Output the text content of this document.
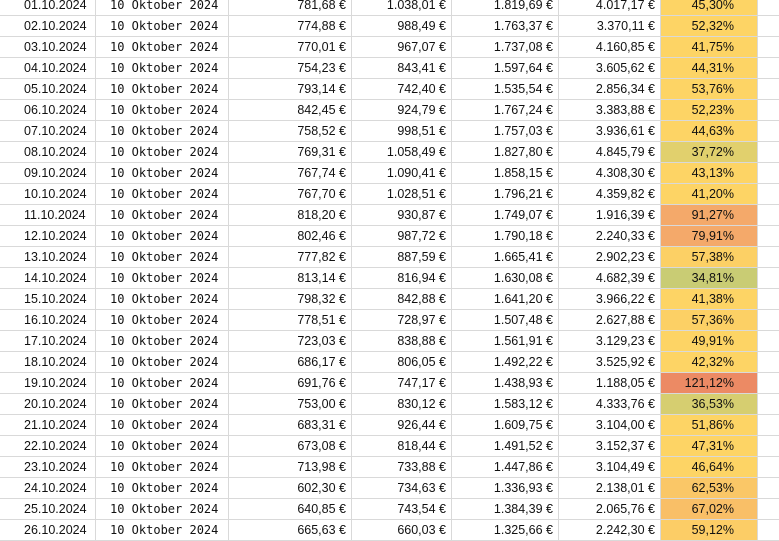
01.10.2024	10 Oktober 2024	781,68 €	1.038,01 €	1.819,69 €	4.017,17 €	45,30%
02.10.2024	10 Oktober 2024	774,88 €	988,49 €	1.763,37 €	3.370,11 €	52,32%
03.10.2024	10 Oktober 2024	770,01 €	967,07 €	1.737,08 €	4.160,85 €	41,75%
04.10.2024	10 Oktober 2024	754,23 €	843,41 €	1.597,64 €	3.605,62 €	44,31%
05.10.2024	10 Oktober 2024	793,14 €	742,40 €	1.535,54 €	2.856,34 €	53,76%
06.10.2024	10 Oktober 2024	842,45 €	924,79 €	1.767,24 €	3.383,88 €	52,23%
07.10.2024	10 Oktober 2024	758,52 €	998,51 €	1.757,03 €	3.936,61 €	44,63%
08.10.2024	10 Oktober 2024	769,31 €	1.058,49 €	1.827,80 €	4.845,79 €	37,72%
09.10.2024	10 Oktober 2024	767,74 €	1.090,41 €	1.858,15 €	4.308,30 €	43,13%
10.10.2024	10 Oktober 2024	767,70 €	1.028,51 €	1.796,21 €	4.359,82 €	41,20%
11.10.2024	10 Oktober 2024	818,20 €	930,87 €	1.749,07 €	1.916,39 €	91,27%
12.10.2024	10 Oktober 2024	802,46 €	987,72 €	1.790,18 €	2.240,33 €	79,91%
13.10.2024	10 Oktober 2024	777,82 €	887,59 €	1.665,41 €	2.902,23 €	57,38%
14.10.2024	10 Oktober 2024	813,14 €	816,94 €	1.630,08 €	4.682,39 €	34,81%
15.10.2024	10 Oktober 2024	798,32 €	842,88 €	1.641,20 €	3.966,22 €	41,38%
16.10.2024	10 Oktober 2024	778,51 €	728,97 €	1.507,48 €	2.627,88 €	57,36%
17.10.2024	10 Oktober 2024	723,03 €	838,88 €	1.561,91 €	3.129,23 €	49,91%
18.10.2024	10 Oktober 2024	686,17 €	806,05 €	1.492,22 €	3.525,92 €	42,32%
19.10.2024	10 Oktober 2024	691,76 €	747,17 €	1.438,93 €	1.188,05 €	121,12%
20.10.2024	10 Oktober 2024	753,00 €	830,12 €	1.583,12 €	4.333,76 €	36,53%
21.10.2024	10 Oktober 2024	683,31 €	926,44 €	1.609,75 €	3.104,00 €	51,86%
22.10.2024	10 Oktober 2024	673,08 €	818,44 €	1.491,52 €	3.152,37 €	47,31%
23.10.2024	10 Oktober 2024	713,98 €	733,88 €	1.447,86 €	3.104,49 €	46,64%
24.10.2024	10 Oktober 2024	602,30 €	734,63 €	1.336,93 €	2.138,01 €	62,53%
25.10.2024	10 Oktober 2024	640,85 €	743,54 €	1.384,39 €	2.065,76 €	67,02%
26.10.2024	10 Oktober 2024	665,63 €	660,03 €	1.325,66 €	2.242,30 €	59,12%
